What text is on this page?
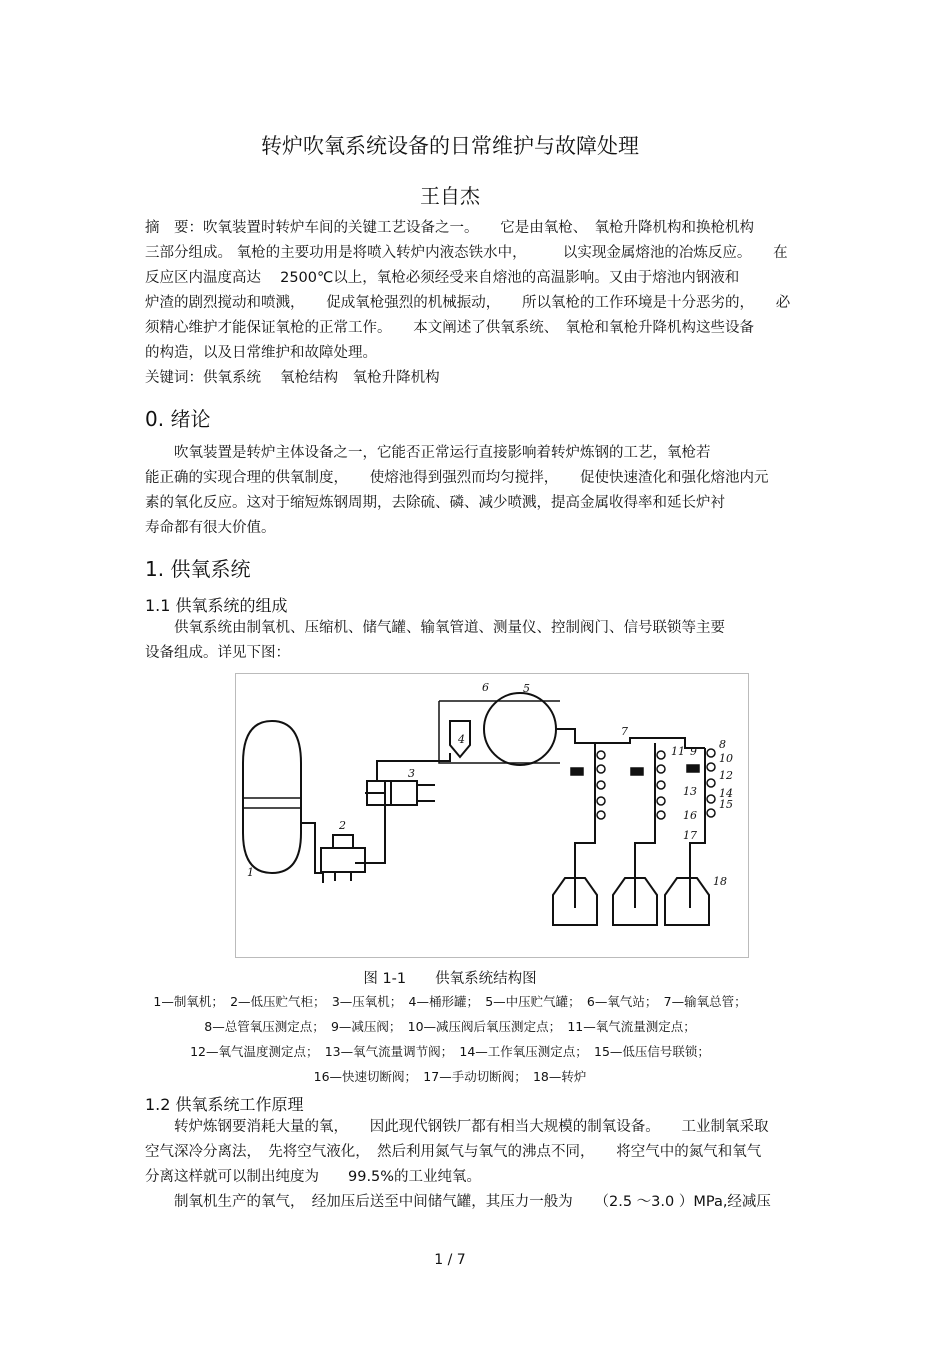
转炉吹氧系统设备的日常维护与故障处理
王自杰
摘　要：吹氧装置时转炉车间的关键工艺设备之一。　　它是由氧枪、　氧枪升降机构和换枪机构
三部分组成。 氧枪的主要功用是将喷入转炉内液态铁水中，　　　以实现金属熔池的冶炼反应。　　在
反应区内温度高达　 2500℃以上，氧枪必须经受来自熔池的高温影响。又由于熔池内钢液和
炉渣的剧烈搅动和喷溅，　　促成氧枪强烈的机械振动，　　所以氧枪的工作环境是十分恶劣的，　　必
须精心维护才能保证氧枪的正常工作。　　本文阐述了供氧系统、　氧枪和氧枪升降机构这些设备
的构造，以及日常维护和故障处理。
关键词：供氧系统　 氧枪结构　氧枪升降机构
0. 绪论
　　吹氧装置是转炉主体设备之一，它能否正常运行直接影响着转炉炼钢的工艺，氧枪若
能正确的实现合理的供氧制度，　　使熔池得到强烈而均匀搅拌，　　促使快速渣化和强化熔池内元
素的氧化反应。这对于缩短炼钢周期，去除硫、磷、减少喷溅，提高金属收得率和延长炉衬
寿命都有很大价值。
1. 供氧系统
1.1 供氧系统的组成
　　供氧系统由制氧机、压缩机、储气罐、输氧管道、测量仪、控制阀门、信号联锁等主要
设备组成。详见下图：
1
2
3
4
5
6
7
8
9
10
11
12
13 14
15
16
17
18
图 1-1　　供氧系统结构图
1—制氧机；　2—低压贮气柜；　3—压氧机；　4—桶形罐；　5—中压贮气罐；　6—氧气站；　7—输氧总管；
8—总管氧压测定点；　9—减压阀；　10—减压阀后氧压测定点；　11—氧气流量测定点；
12—氧气温度测定点；　13—氧气流量调节阀；　14—工作氧压测定点；　15—低压信号联锁；
16—快速切断阀；　17—手动切断阀；　18—转炉
1.2 供氧系统工作原理
　　转炉炼钢要消耗大量的氧，　　因此现代钢铁厂都有相当大规模的制氧设备。　　工业制氧采取
空气深冷分离法，　先将空气液化，　然后利用氮气与氧气的沸点不同，　　将空气中的氮气和氧气
分离这样就可以制出纯度为　　99.5%的工业纯氧。
　　制氧机生产的氧气，　经加压后送至中间储气罐，其压力一般为　　（2.5 ～3.0 ）MPa,经减压
1 / 7
